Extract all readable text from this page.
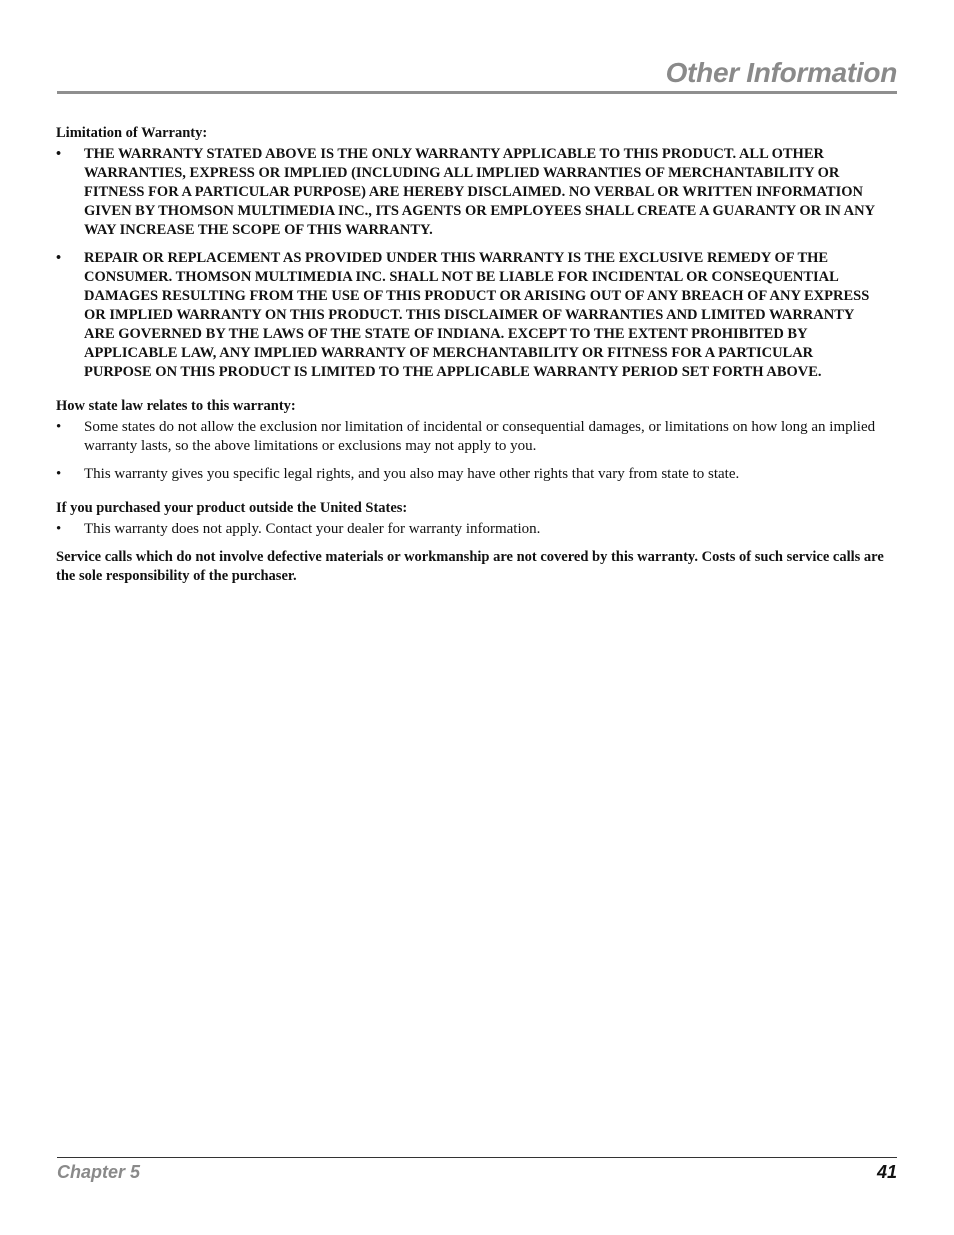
Other Information

Limitation of Warranty:

• THE WARRANTY STATED ABOVE IS THE ONLY WARRANTY APPLICABLE TO THIS PRODUCT. ALL OTHER WARRANTIES, EXPRESS OR IMPLIED (INCLUDING ALL IMPLIED WARRANTIES OF MERCHANTABILITY OR FITNESS FOR A PARTICULAR PURPOSE) ARE HEREBY DISCLAIMED. NO VERBAL OR WRITTEN INFORMATION GIVEN BY THOMSON MULTIMEDIA INC., ITS AGENTS OR EMPLOYEES SHALL CREATE A GUARANTY OR IN ANY WAY INCREASE THE SCOPE OF THIS WARRANTY.
• REPAIR OR REPLACEMENT AS PROVIDED UNDER THIS WARRANTY IS THE EXCLUSIVE REMEDY OF THE CONSUMER. THOMSON MULTIMEDIA INC. SHALL NOT BE LIABLE FOR INCIDENTAL OR CONSEQUENTIAL DAMAGES RESULTING FROM THE USE OF THIS PRODUCT OR ARISING OUT OF ANY BREACH OF ANY EXPRESS OR IMPLIED WARRANTY ON THIS PRODUCT. THIS DISCLAIMER OF WARRANTIES AND LIMITED WARRANTY ARE GOVERNED BY THE LAWS OF THE STATE OF INDIANA. EXCEPT TO THE EXTENT PROHIBITED BY APPLICABLE LAW, ANY IMPLIED WARRANTY OF MERCHANTABILITY OR FITNESS FOR A PARTICULAR PURPOSE ON THIS PRODUCT IS LIMITED TO THE APPLICABLE WARRANTY PERIOD SET FORTH ABOVE.

How state law relates to this warranty:

• Some states do not allow the exclusion nor limitation of incidental or consequential damages, or limitations on how long an implied warranty lasts, so the above limitations or exclusions may not apply to you.
• This warranty gives you specific legal rights, and you also may have other rights that vary from state to state.

If you purchased your product outside the United States:

• This warranty does not apply. Contact your dealer for warranty information.

Service calls which do not involve defective materials or workmanship are not covered by this warranty. Costs of such service calls are the sole responsibility of the purchaser.

Chapter 5	41
